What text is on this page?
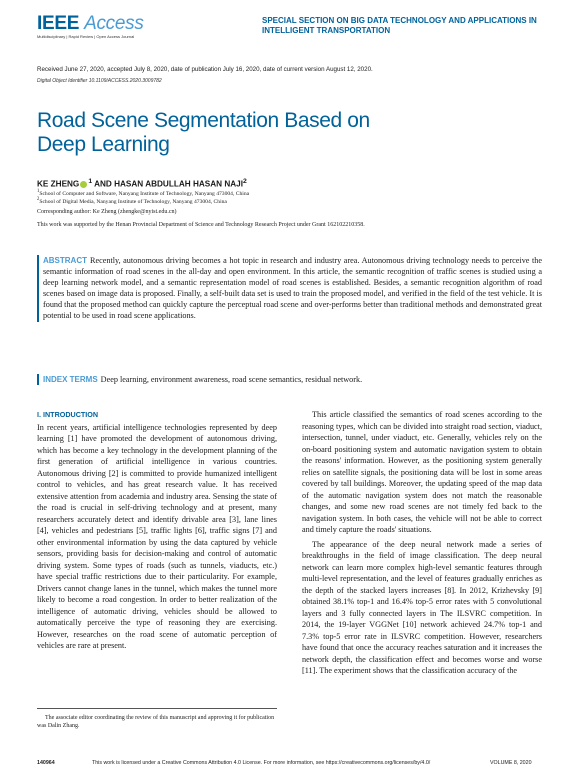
IEEE Access
Multidisciplinary | Rapid Review | Open Access Journal
SPECIAL SECTION ON BIG DATA TECHNOLOGY AND APPLICATIONS IN INTELLIGENT TRANSPORTATION
Received June 27, 2020, accepted July 8, 2020, date of publication July 16, 2020, date of current version August 12, 2020.
Digital Object Identifier 10.1109/ACCESS.2020.3009782
Road Scene Segmentation Based on Deep Learning
KE ZHENG $^1$ AND HASAN ABDULLAH HASAN NAJI$^2$
$^1$School of Computer and Software, Nanyang Institute of Technology, Nanyang 473004, China
$^2$School of Digital Media, Nanyang Institute of Technology, Nanyang 473004, China
Corresponding author: Ke Zheng (zhengke@nyist.edu.cn)
This work was supported by the Henan Provincial Department of Science and Technology Research Project under Grant 162102210358.
ABSTRACT Recently, autonomous driving becomes a hot topic in research and industry area. Autonomous driving technology needs to perceive the semantic information of road scenes in the all-day and open environment. In this article, the semantic recognition of traffic scenes is studied using a deep learning network model, and a semantic representation model of road scenes is established. Besides, a semantic recognition algorithm of road scenes based on image data is proposed. Finally, a self-built data set is used to train the proposed model, and verified in the field of the test vehicle. It is found that the proposed method can quickly capture the perceptual road scene and over-performs better than traditional methods and demonstrated great potential to be used in road scene applications.
INDEX TERMS Deep learning, environment awareness, road scene semantics, residual network.
I. INTRODUCTION

In recent years, artificial intelligence technologies represented by deep learning [1] have promoted the development of autonomous driving, which has become a key technology in the development planning of the first generation of artificial intelligence in various countries. Autonomous driving [2] is committed to provide humanized intelligent control to vehicles, and has great research value. It has received extensive attention from academia and industry area. Sensing the state of the road is crucial in self-driving technology and at present, many researchers accurately detect and identify drivable area [3], lane lines [4], vehicles and pedestrians [5], traffic lights [6], traffic signs [7] and other environmental information by using the data captured by vehicle sensors, providing basis for decision-making and control of automatic driving system. Some types of roads (such as tunnels, viaducts, etc.) have special traffic restrictions due to their particularity. For example, Drivers cannot change lanes in the tunnel, which makes the tunnel more likely to become a road congestion. In order to better realization of the intelligence of automatic driving, vehicles should be allowed to automatically perceive the type of reasoning they are exercising. However, researches on the road scene of automatic perception of vehicles are rare at present.

The associate editor coordinating the review of this manuscript and approving it for publication was Dalin Zhang.

This article classified the semantics of road scenes according to the reasoning types, which can be divided into straight road section, viaduct, intersection, tunnel, under viaduct, etc. Generally, vehicles rely on the on-board positioning system and automatic navigation system to obtain the reasons' information. However, as the positioning system generally relies on satellite signals, the positioning data will be lost in some areas covered by tall buildings. Moreover, the updating speed of the map data of the automatic navigation system does not match the reasonable changes, and some new road scenes are not timely fed back to the navigation system. In both cases, the vehicle will not be able to correct and timely capture the roads' situations.

The appearance of the deep neural network made a series of breakthroughs in the field of image classification. The deep neural network can learn more complex high-level semantic features through multi-level representation, and the level of features gradually enriches as the depth of the stacked layers increases [8]. In 2012, Krizhevsky [9] obtained 38.1% top-1 and 16.4% top-5 error rates with 5 convolutional layers and 3 fully connected layers in The ILSVRC competition. In 2014, the 19-layer VGGNet [10] network achieved 24.7% top-1 and 7.3% top-5 error rate in ILSVRC competition. However, researchers have found that once the accuracy reaches saturation and it increases the network depth, the classification effect and becomes worse and worse [11]. The experiment shows that the classification accuracy of the

140964	This work is licensed under a Creative Commons Attribution 4.0 License. For more information, see https://creativecommons.org/licenses/by/4.0/	VOLUME 8, 2020
